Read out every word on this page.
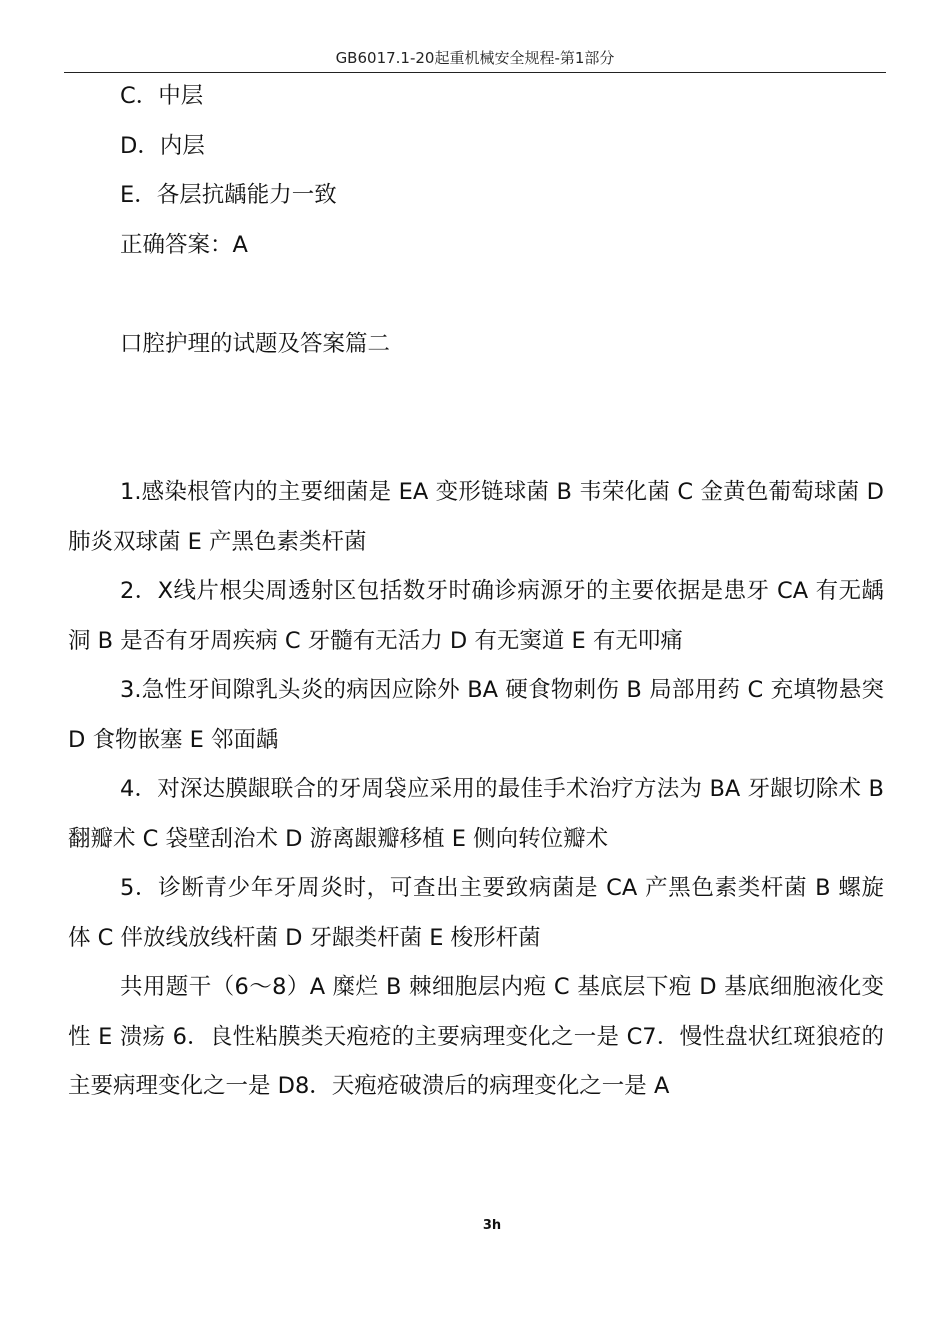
GB6017.1-20起重机械安全规程-第1部分
C．中层
D．内层
E．各层抗龋能力一致
正确答案：A
口腔护理的试题及答案篇二

1.感染根管内的主要细菌是 EA 变形链球菌 B 韦荣化菌 C 金黄色葡萄球菌 D 肺炎双球菌 E 产黑色素类杆菌

2．X线片根尖周透射区包括数牙时确诊病源牙的主要依据是患牙 CA 有无龋洞 B 是否有牙周疾病 C 牙髓有无活力 D 有无窦道 E 有无叩痛

3.急性牙间隙乳头炎的病因应除外 BA 硬食物刺伤 B 局部用药 C 充填物悬突 D 食物嵌塞 E 邻面龋

4．对深达膜龈联合的牙周袋应采用的最佳手术治疗方法为 BA 牙龈切除术 B 翻瓣术 C 袋壁刮治术 D 游离龈瓣移植 E 侧向转位瓣术

5．诊断青少年牙周炎时，可查出主要致病菌是 CA 产黑色素类杆菌 B 螺旋体 C 伴放线放线杆菌 D 牙龈类杆菌 E 梭形杆菌

共用题干（6～8）A 糜烂 B 棘细胞层内疱 C 基底层下疱 D 基底细胞液化变性 E 溃疡 6．良性粘膜类天疱疮的主要病理变化之一是 C7．慢性盘状红斑狼疮的主要病理变化之一是 D8．天疱疮破溃后的病理变化之一是 A

3h
